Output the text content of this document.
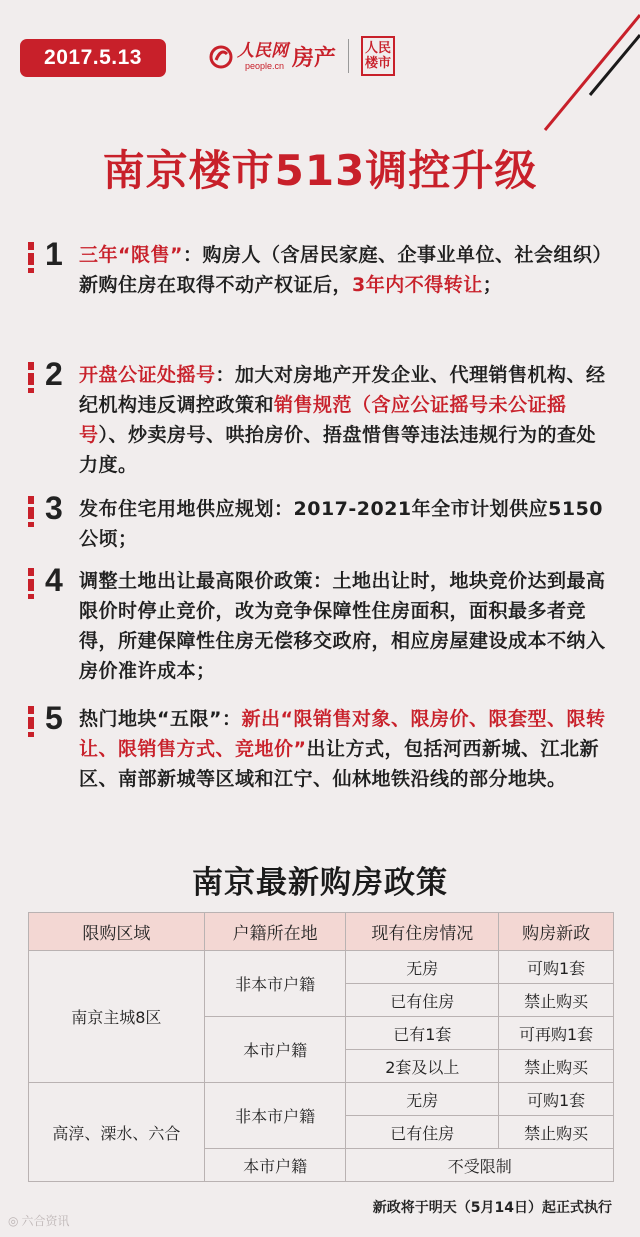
2017.5.13	人民网
people.cn 房产 人民
楼市
南京楼市513调控升级
1 三年“限售”：购房人（含居民家庭、企事业单位、社会组织）新购住房在取得不动产权证后，3年内不得转让；
2 开盘公证处摇号：加大对房地产开发企业、代理销售机构、经纪机构违反调控政策和销售规范（含应公证摇号未公证摇号）、炒卖房号、哄抬房价、捂盘惜售等违法违规行为的查处力度。
3 发布住宅用地供应规划：2017-2021年全市计划供应5150公顷；
4 调整土地出让最高限价政策：土地出让时，地块竞价达到最高限价时停止竞价，改为竞争保障性住房面积，面积最多者竞得，所建保障性住房无偿移交政府，相应房屋建设成本不纳入房价准许成本；
5 热门地块“五限”：新出“限销售对象、限房价、限套型、限转让、限销售方式、竞地价”出让方式，包括河西新城、江北新区、南部新城等区域和江宁、仙林地铁沿线的部分地块。
南京最新购房政策
限购区域	户籍所在地	现有住房情况	购房新政
南京主城8区	非本市户籍	无房	可购1套
		已有住房	禁止购买
	本市户籍	已有1套	可再购1套
		2套及以上	禁止购买
高淳、溧水、六合	非本市户籍	无房	可购1套
		已有住房	禁止购买
	本市户籍	不受限制	
新政将于明天（5月14日）起正式执行
◎ 六合资讯
